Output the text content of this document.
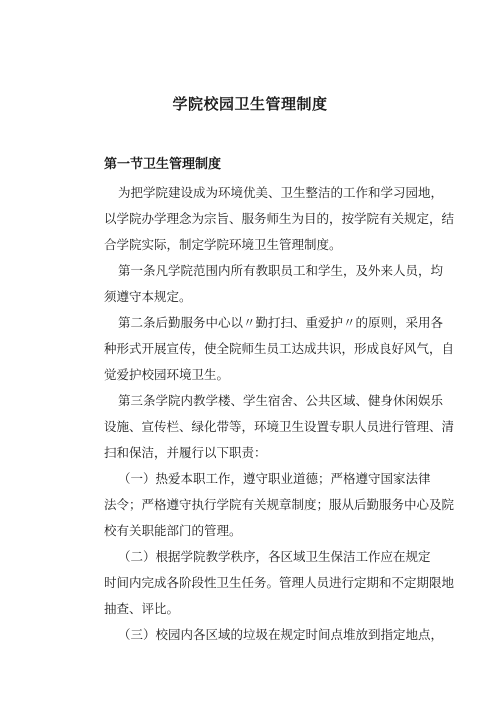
学院校园卫生管理制度
第一节卫生管理制度
为把学院建设成为环境优美、卫生整洁的工作和学习园地，
以学院办学理念为宗旨、服务师生为目的，按学院有关规定，结
合学院实际，制定学院环境卫生管理制度。
第一条凡学院范围内所有教职员工和学生，及外来人员，均
须遵守本规定。
第二条后勤服务中心以〃勤打扫、重爱护〃的原则，采用各
种形式开展宣传，使全院师生员工达成共识，形成良好风气，自
觉爱护校园环境卫生。
第三条学院内教学楼、学生宿舍、公共区域、健身休闲娱乐
设施、宣传栏、绿化带等，环境卫生设置专职人员进行管理、清
扫和保洁，并履行以下职责：
（一）热爱本职工作，遵守职业道德；严格遵守国家法律
法令；严格遵守执行学院有关规章制度；服从后勤服务中心及院
校有关职能部门的管理。
（二）根据学院教学秩序，各区域卫生保洁工作应在规定
时间内完成各阶段性卫生任务。管理人员进行定期和不定期限地
抽查、评比。
（三）校园内各区域的垃圾在规定时间点堆放到指定地点，
